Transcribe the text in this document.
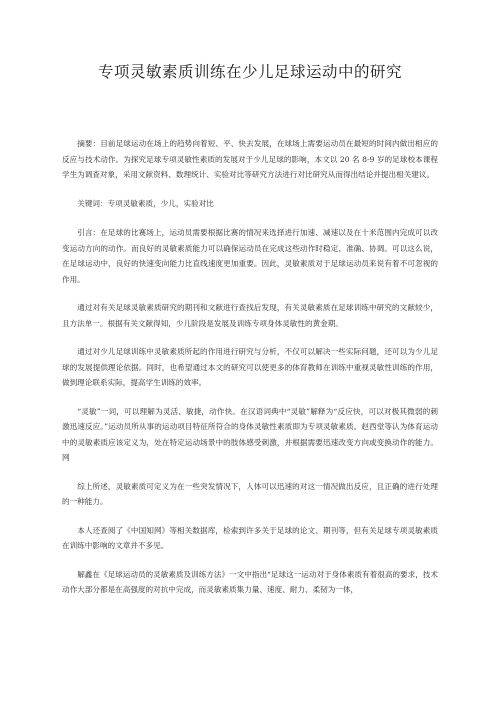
专项灵敏素质训练在少儿足球运动中的研究

摘要：目前足球运动在场上的趋势向着短、平、快去发展，在球场上需要运动员在最短的时间内做出相应的反应与技术动作。为探究足球专项灵敏性素质的发展对于少儿足球的影响，本文以 20 名 8-9 岁的足球校本课程学生为调查对象，采用文献资料、数理统计、实验对比等研究方法进行对比研究从而得出结论并提出相关建议。

关键词：专项灵敏素质，少儿，实验对比

引言：在足球的比赛场上，运动员需要根据比赛的情况来选择进行加速、减速以及在十米范围内完成可以改变运动方向的动作。而良好的灵敏素质能力可以确保运动员在完成这些动作时稳定、准确、协调。可以这么说，在足球运动中，良好的快速变向能力比直线速度更加重要。因此，灵敏素质对于足球运动员来说有着不可忽视的作用。

通过对有关足球灵敏素质研究的期刊和文献进行查找后发现，有关灵敏素质在足球训练中研究的文献较少，且方法单一。根据有关文献得知，少儿阶段是发展及训练专项身体灵敏性的黄金期。

通过对少儿足球训练中灵敏素质所起的作用进行研究与分析，不仅可以解决一些实际问题，还可以为少儿足球的发展提供理论依据。同时，也希望通过本文的研究可以使更多的体育教师在训练中重视灵敏性训练的作用，做到理论联系实际，提高学生训练的效率。

“灵敏”一词，可以理解为灵活、敏捷，动作快。在汉语词典中“灵敏”解释为“反应快，可以对极其微弱的刺激迅速反应。”运动员所从事的运动项目特征所符合的身体灵敏性素质即为专项灵敏素质。赵西堂等认为体育运动中的灵敏素质应该定义为，处在特定运动场景中的肢体感受刺激，并根据需要迅速改变方向或变换动作的能力。网

综上所述，灵敏素质可定义为在一些突发情况下，人体可以迅速的对这一情况做出反应，且正确的进行处理的一种能力。

本人还查阅了《中国知网》等相关数据库，检索到许多关于足球的论文、期刊等，但有关足球专项灵敏素质在训练中影响的文章并不多见。

解鑫在《足球运动员的灵敏素质及训练方法》一文中指出“足球这一运动对于身体素质有着很高的要求，技术动作大部分都是在高强度的对抗中完成，而灵敏素质集力量、速度、耐力、柔韧为一体，
